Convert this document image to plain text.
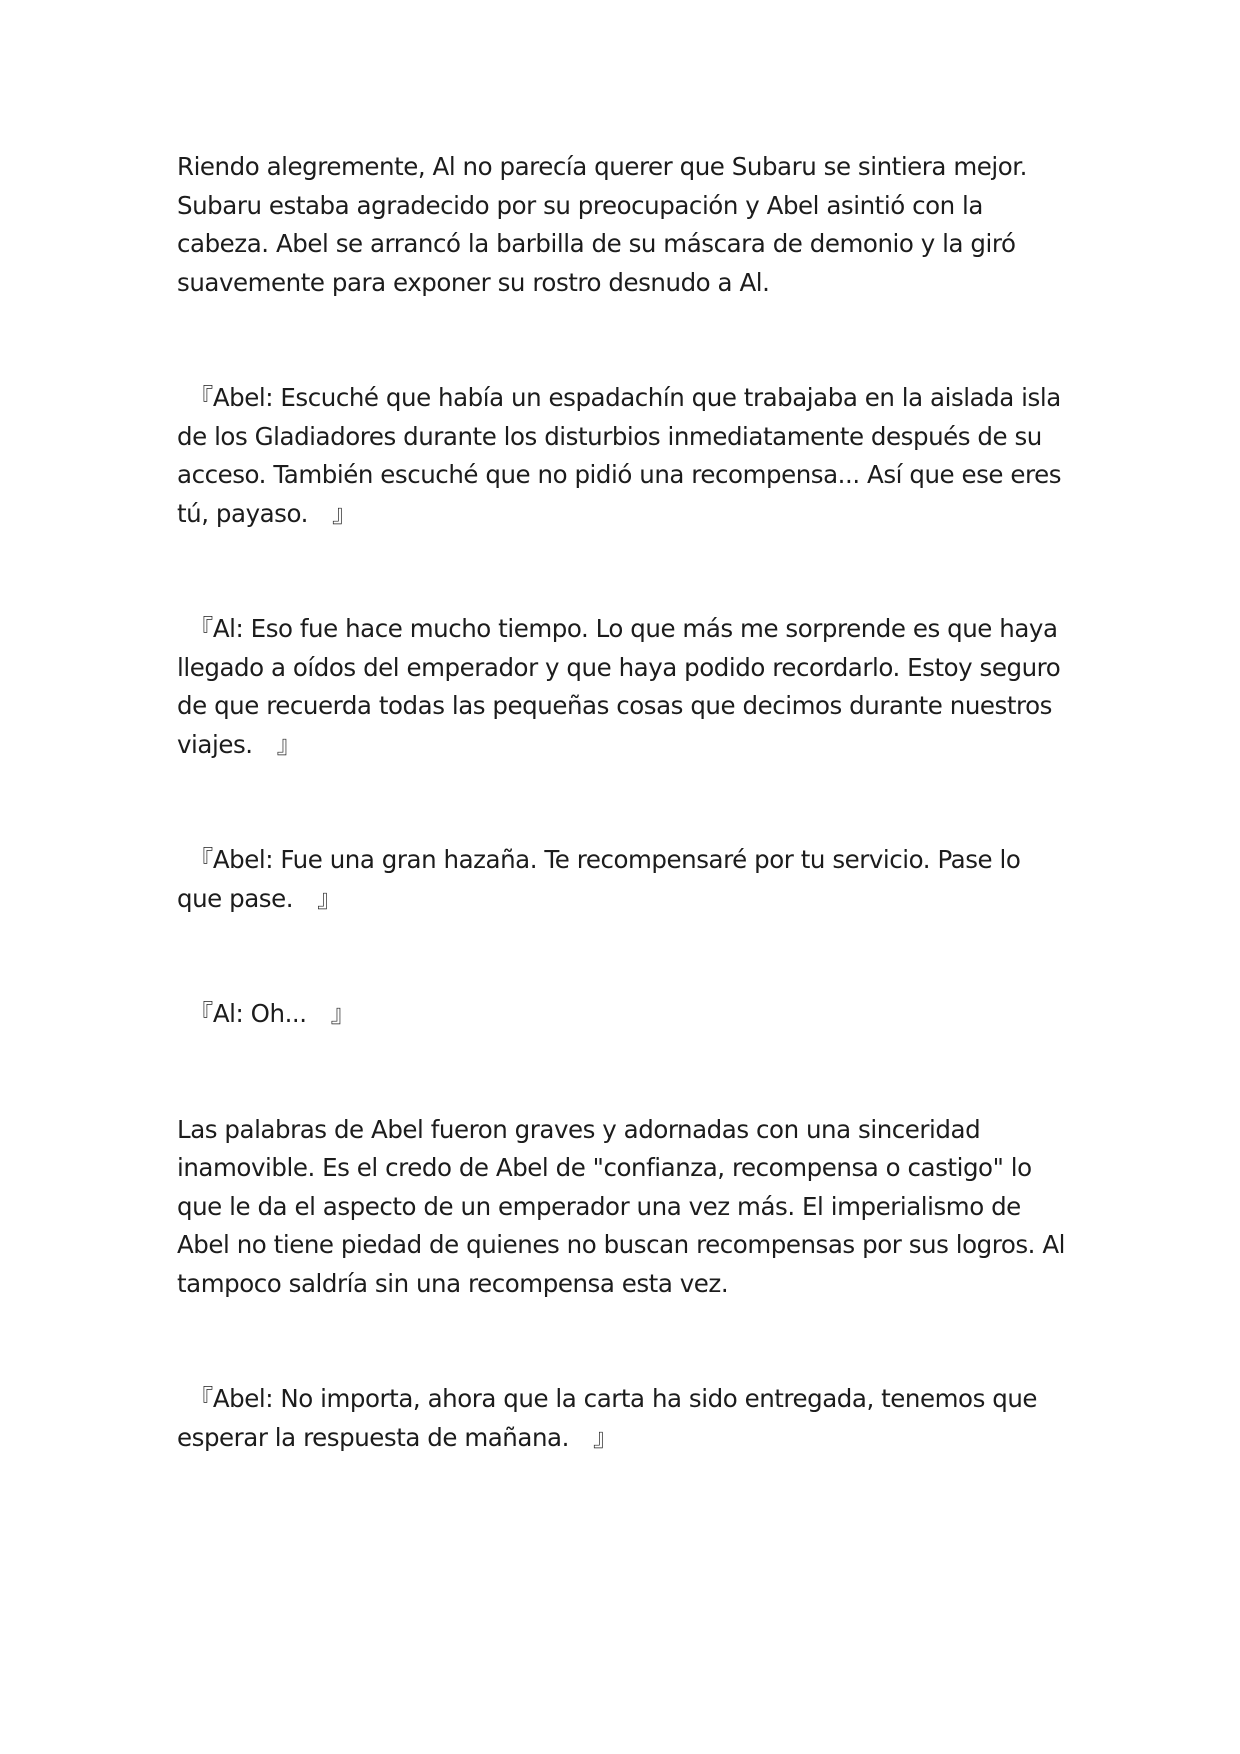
Riendo alegremente, Al no parecía querer que Subaru se sintiera mejor. Subaru estaba agradecido por su preocupación y Abel asintió con la cabeza. Abel se arrancó la barbilla de su máscara de demonio y la giró suavemente para exponer su rostro desnudo a Al.

　『Abel: Escuché que había un espadachín que trabajaba en la aislada isla de los Gladiadores durante los disturbios inmediatamente después de su acceso. También escuché que no pidió una recompensa... Así que ese eres tú, payaso.　』

　『Al: Eso fue hace mucho tiempo. Lo que más me sorprende es que haya llegado a oídos del emperador y que haya podido recordarlo. Estoy seguro de que recuerda todas las pequeñas cosas que decimos durante nuestros viajes.　』

　『Abel: Fue una gran hazaña. Te recompensaré por tu servicio. Pase lo que pase.　』

　『Al: Oh...　』

Las palabras de Abel fueron graves y adornadas con una sinceridad inamovible. Es el credo de Abel de "confianza, recompensa o castigo" lo que le da el aspecto de un emperador una vez más. El imperialismo de Abel no tiene piedad de quienes no buscan recompensas por sus logros. Al tampoco saldría sin una recompensa esta vez.

　『Abel: No importa, ahora que la carta ha sido entregada, tenemos que esperar la respuesta de mañana.　』
